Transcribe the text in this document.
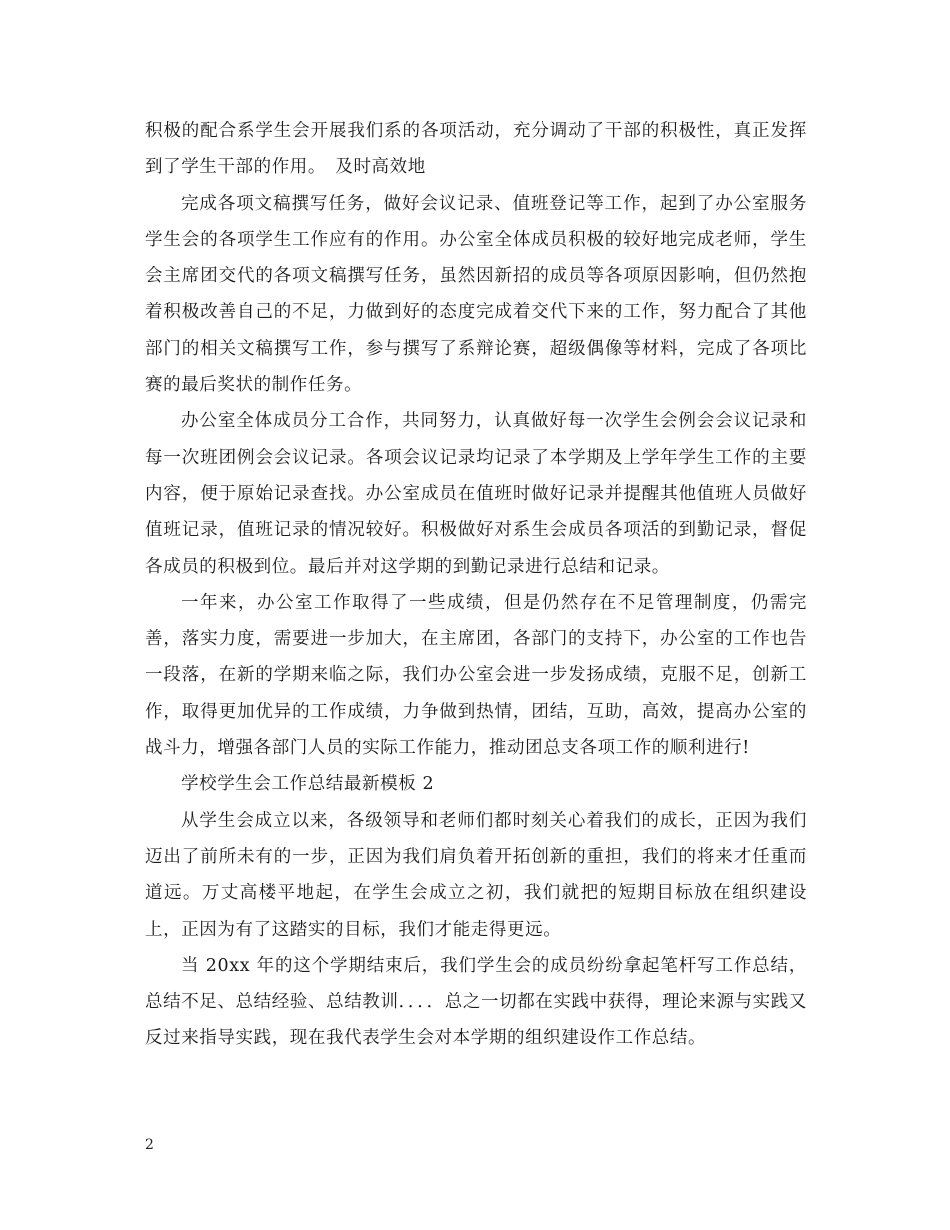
积极的配合系学生会开展我们系的各项活动，充分调动了干部的积极性，真正发挥到了学生干部的作用。　及时高效地

完成各项文稿撰写任务，做好会议记录、值班登记等工作，起到了办公室服务学生会的各项学生工作应有的作用。办公室全体成员积极的较好地完成老师，学生会主席团交代的各项文稿撰写任务，虽然因新招的成员等各项原因影响，但仍然抱着积极改善自己的不足，力做到好的态度完成着交代下来的工作，努力配合了其他部门的相关文稿撰写工作，参与撰写了系辩论赛，超级偶像等材料，完成了各项比赛的最后奖状的制作任务。

办公室全体成员分工合作，共同努力，认真做好每一次学生会例会会议记录和每一次班团例会会议记录。各项会议记录均记录了本学期及上学年学生工作的主要内容，便于原始记录查找。办公室成员在值班时做好记录并提醒其他值班人员做好值班记录，值班记录的情况较好。积极做好对系生会成员各项活的到勤记录，督促各成员的积极到位。最后并对这学期的到勤记录进行总结和记录。

一年来，办公室工作取得了一些成绩，但是仍然存在不足管理制度，仍需完善，落实力度，需要进一步加大，在主席团，各部门的支持下，办公室的工作也告一段落，在新的学期来临之际，我们办公室会进一步发扬成绩，克服不足，创新工作，取得更加优异的工作成绩，力争做到热情，团结，互助，高效，提高办公室的战斗力，增强各部门人员的实际工作能力，推动团总支各项工作的顺利进行!

学校学生会工作总结最新模板 2

从学生会成立以来，各级领导和老师们都时刻关心着我们的成长，正因为我们迈出了前所未有的一步，正因为我们肩负着开拓创新的重担，我们的将来才任重而道远。万丈高楼平地起，在学生会成立之初，我们就把的短期目标放在组织建设上，正因为有了这踏实的目标，我们才能走得更远。

当 20xx 年的这个学期结束后，我们学生会的成员纷纷拿起笔杆写工作总结，总结不足、总结经验、总结教训．．．．总之一切都在实践中获得，理论来源与实践又反过来指导实践，现在我代表学生会对本学期的组织建设作工作总结。

2
